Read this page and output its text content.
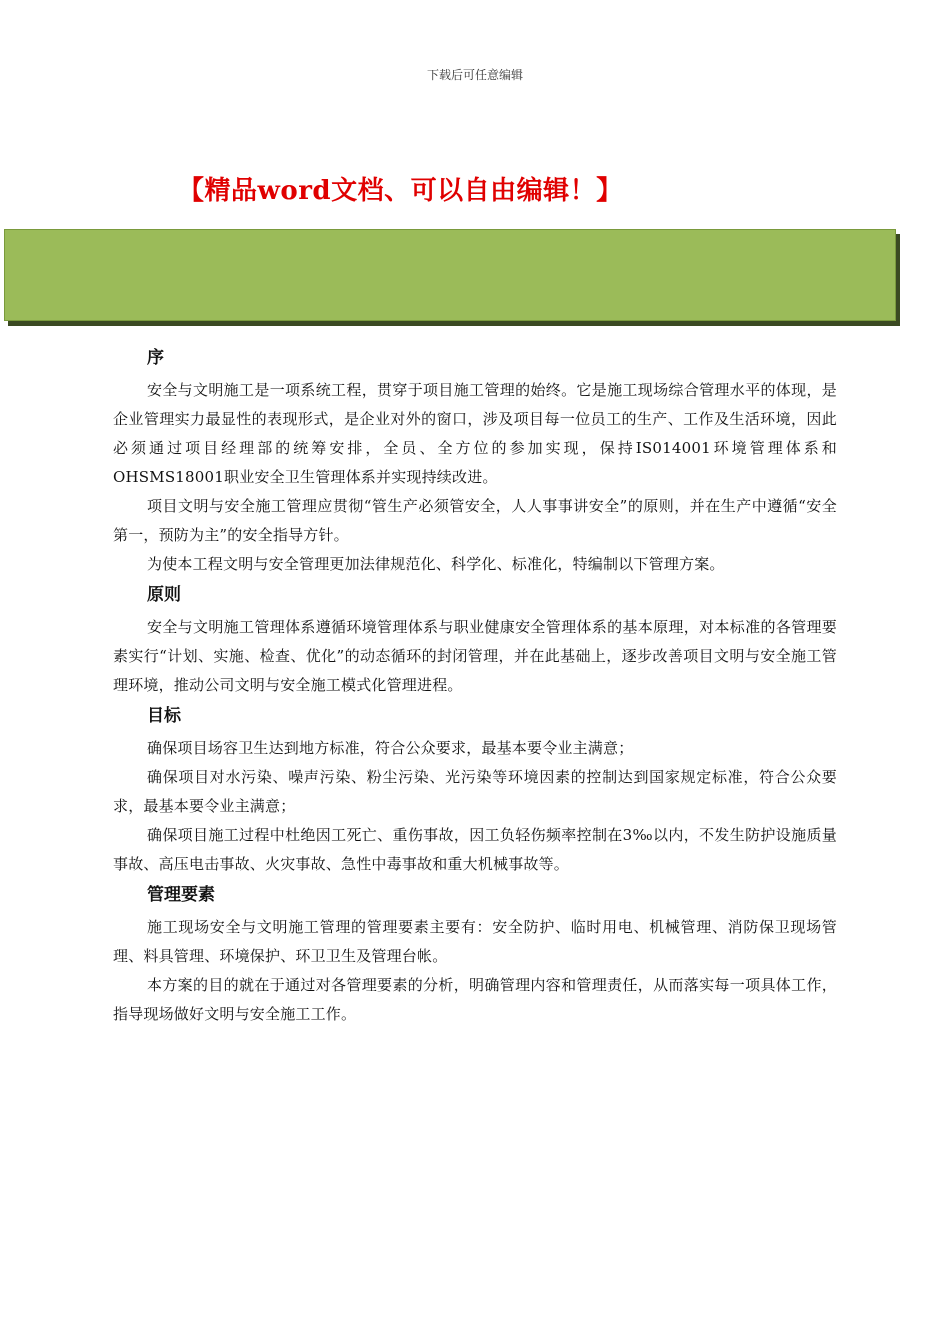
下载后可任意编辑
【精品word文档、可以自由编辑！】
序

安全与文明施工是一项系统工程，贯穿于项目施工管理的始终。它是施工现场综合管理水平的体现，是企业管理实力最显性的表现形式，是企业对外的窗口，涉及项目每一位员工的生产、工作及生活环境，因此必须通过项目经理部的统筹安排，全员、全方位的参加实现，保持IS014001环境管理体系和OHSMS18001职业安全卫生管理体系并实现持续改进。

项目文明与安全施工管理应贯彻“管生产必须管安全，人人事事讲安全”的原则，并在生产中遵循“安全第一，预防为主”的安全指导方针。

为使本工程文明与安全管理更加法律规范化、科学化、标准化，特编制以下管理方案。

原则

安全与文明施工管理体系遵循环境管理体系与职业健康安全管理体系的基本原理，对本标准的各管理要素实行“计划、实施、检查、优化”的动态循环的封闭管理，并在此基础上，逐步改善项目文明与安全施工管理环境，推动公司文明与安全施工模式化管理进程。

目标

确保项目场容卫生达到地方标准，符合公众要求，最基本要令业主满意；

确保项目对水污染、噪声污染、粉尘污染、光污染等环境因素的控制达到国家规定标准，符合公众要求，最基本要令业主满意；

确保项目施工过程中杜绝因工死亡、重伤事故，因工负轻伤频率控制在3‰以内，不发生防护设施质量事故、高压电击事故、火灾事故、急性中毒事故和重大机械事故等。

管理要素

施工现场安全与文明施工管理的管理要素主要有：安全防护、临时用电、机械管理、消防保卫现场管理、料具管理、环境保护、环卫卫生及管理台帐。

本方案的目的就在于通过对各管理要素的分析，明确管理内容和管理责任，从而落实每一项具体工作，指导现场做好文明与安全施工工作。
